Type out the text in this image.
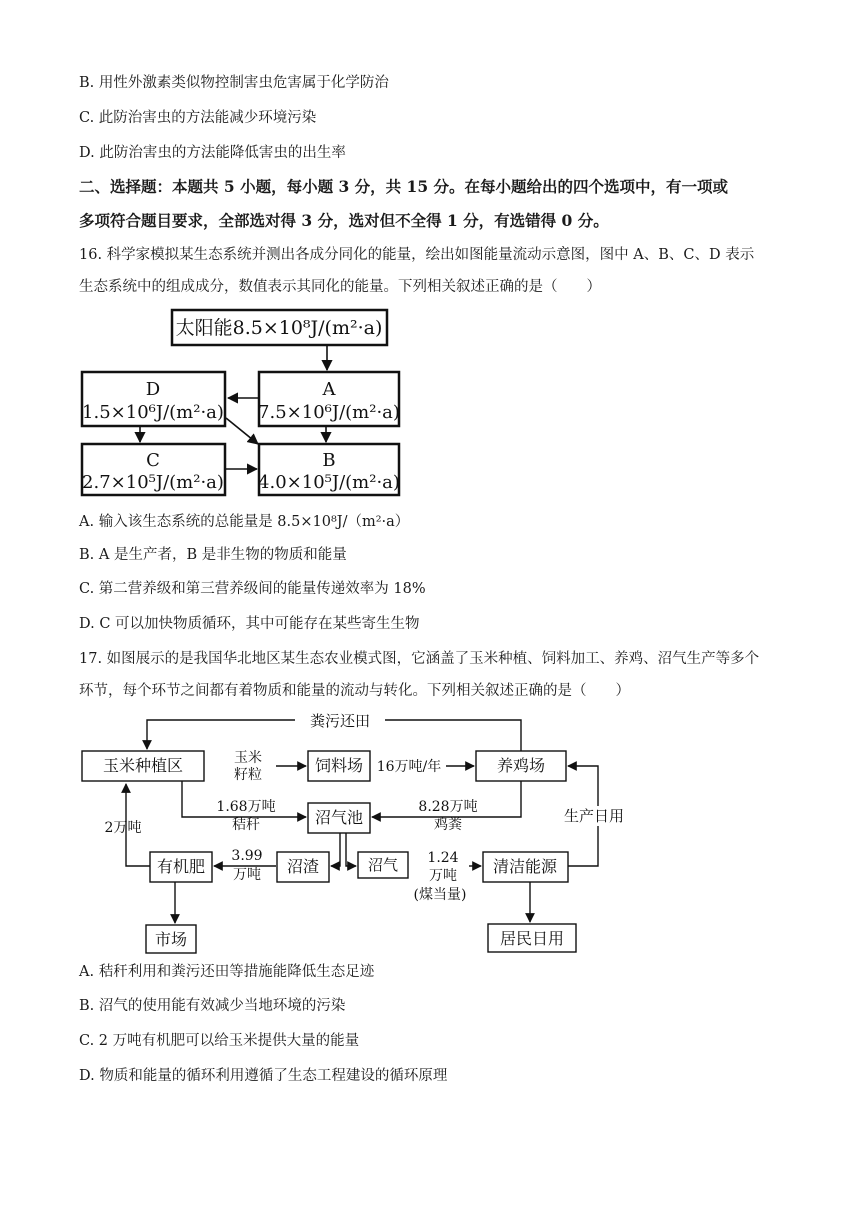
B. 用性外激素类似物控制害虫危害属于化学防治
C. 此防治害虫的方法能减少环境污染
D. 此防治害虫的方法能降低害虫的出生率
二、选择题：本题共 5 小题，每小题 3 分，共 15 分。在每小题给出的四个选项中，有一项或
多项符合题目要求，全部选对得 3 分，选对但不全得 1 分，有选错得 0 分。
16. 科学家模拟某生态系统并测出各成分同化的能量，绘出如图能量流动示意图，图中 A、B、C、D 表示
生态系统中的组成成分，数值表示其同化的能量。下列相关叙述正确的是（　　）
太阳能8.5×10⁸J/(m²·a)
D
1.5×10⁶J/(m²·a)
A
7.5×10⁶J/(m²·a)
C
2.7×10⁵J/(m²·a)
B
4.0×10⁵J/(m²·a)
粪污还田
玉米种植区	玉米
籽粒	饲料场 16万吨/年	养鸡场
1.68万吨
秸秆	沼气池
8.28万吨
鸡粪	生产日用
2万吨
有机肥
3.99
万吨 沼渣	沼气 1.24
万吨
(煤当量)
清洁能源
市场	居民日用
A. 输入该生态系统的总能量是 8.5×10⁸J/（m²·a）
B. A 是生产者，B 是非生物的物质和能量
C. 第二营养级和第三营养级间的能量传递效率为 18%
D. C 可以加快物质循环，其中可能存在某些寄生生物
17. 如图展示的是我国华北地区某生态农业模式图，它涵盖了玉米种植、饲料加工、养鸡、沼气生产等多个
环节，每个环节之间都有着物质和能量的流动与转化。下列相关叙述正确的是（　　）
A. 秸秆利用和粪污还田等措施能降低生态足迹
B. 沼气的使用能有效减少当地环境的污染
C. 2 万吨有机肥可以给玉米提供大量的能量
D. 物质和能量的循环利用遵循了生态工程建设的循环原理
